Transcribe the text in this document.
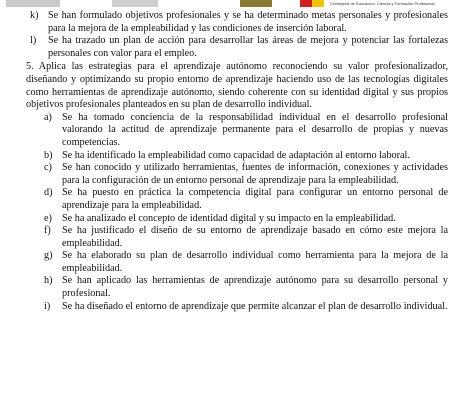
Consejería de Educación, Ciencia y Formación Profesional
k) Se han formulado objetivos profesionales y se ha determinado metas personales y profesionales para la mejora de la empleabilidad y las condiciones de inserción laboral.
l)	Se ha trazado un plan de acción para desarrollar las áreas de mejora y potenciar las fortalezas personales con valor para el empleo.
5. Aplica las estrategias para el aprendizaje autónomo reconociendo su valor profesionalizador, diseñando y optimizando su propio entorno de aprendizaje haciendo uso de las tecnologías digitales como herramientas de aprendizaje autónomo, siendo coherente con su identidad digital y sus propios objetivos profesionales planteados en su plan de desarrollo individual.
a) Se ha tomado conciencia de la responsabilidad individual en el desarrollo profesional valorando la actitud de aprendizaje permanente para el desarrollo de propias y nuevas competencias.
b) Se ha identificado la empleabilidad como capacidad de adaptación al entorno laboral.
c) Se han conocido y utilizado herramientas, fuentes de información, conexiones y actividades para la configuración de un entorno personal de aprendizaje para la empleabilidad.
d) Se ha puesto en práctica la competencia digital para configurar un entorno personal de aprendizaje para la empleabilidad.
e) Se ha analizado el concepto de identidad digital y su impacto en la empleabilidad.
f)	Se ha justificado el diseño de su entorno de aprendizaje basado en cómo este mejora la empleabilidad.
g) Se ha elaborado su plan de desarrollo individual como herramienta para la mejora de la empleabilidad.
h) Se han aplicado las herramientas de aprendizaje autónomo para su desarrollo personal y profesional.
i)	Se ha diseñado el entorno de aprendizaje que permite alcanzar el plan de desarrollo individual.
